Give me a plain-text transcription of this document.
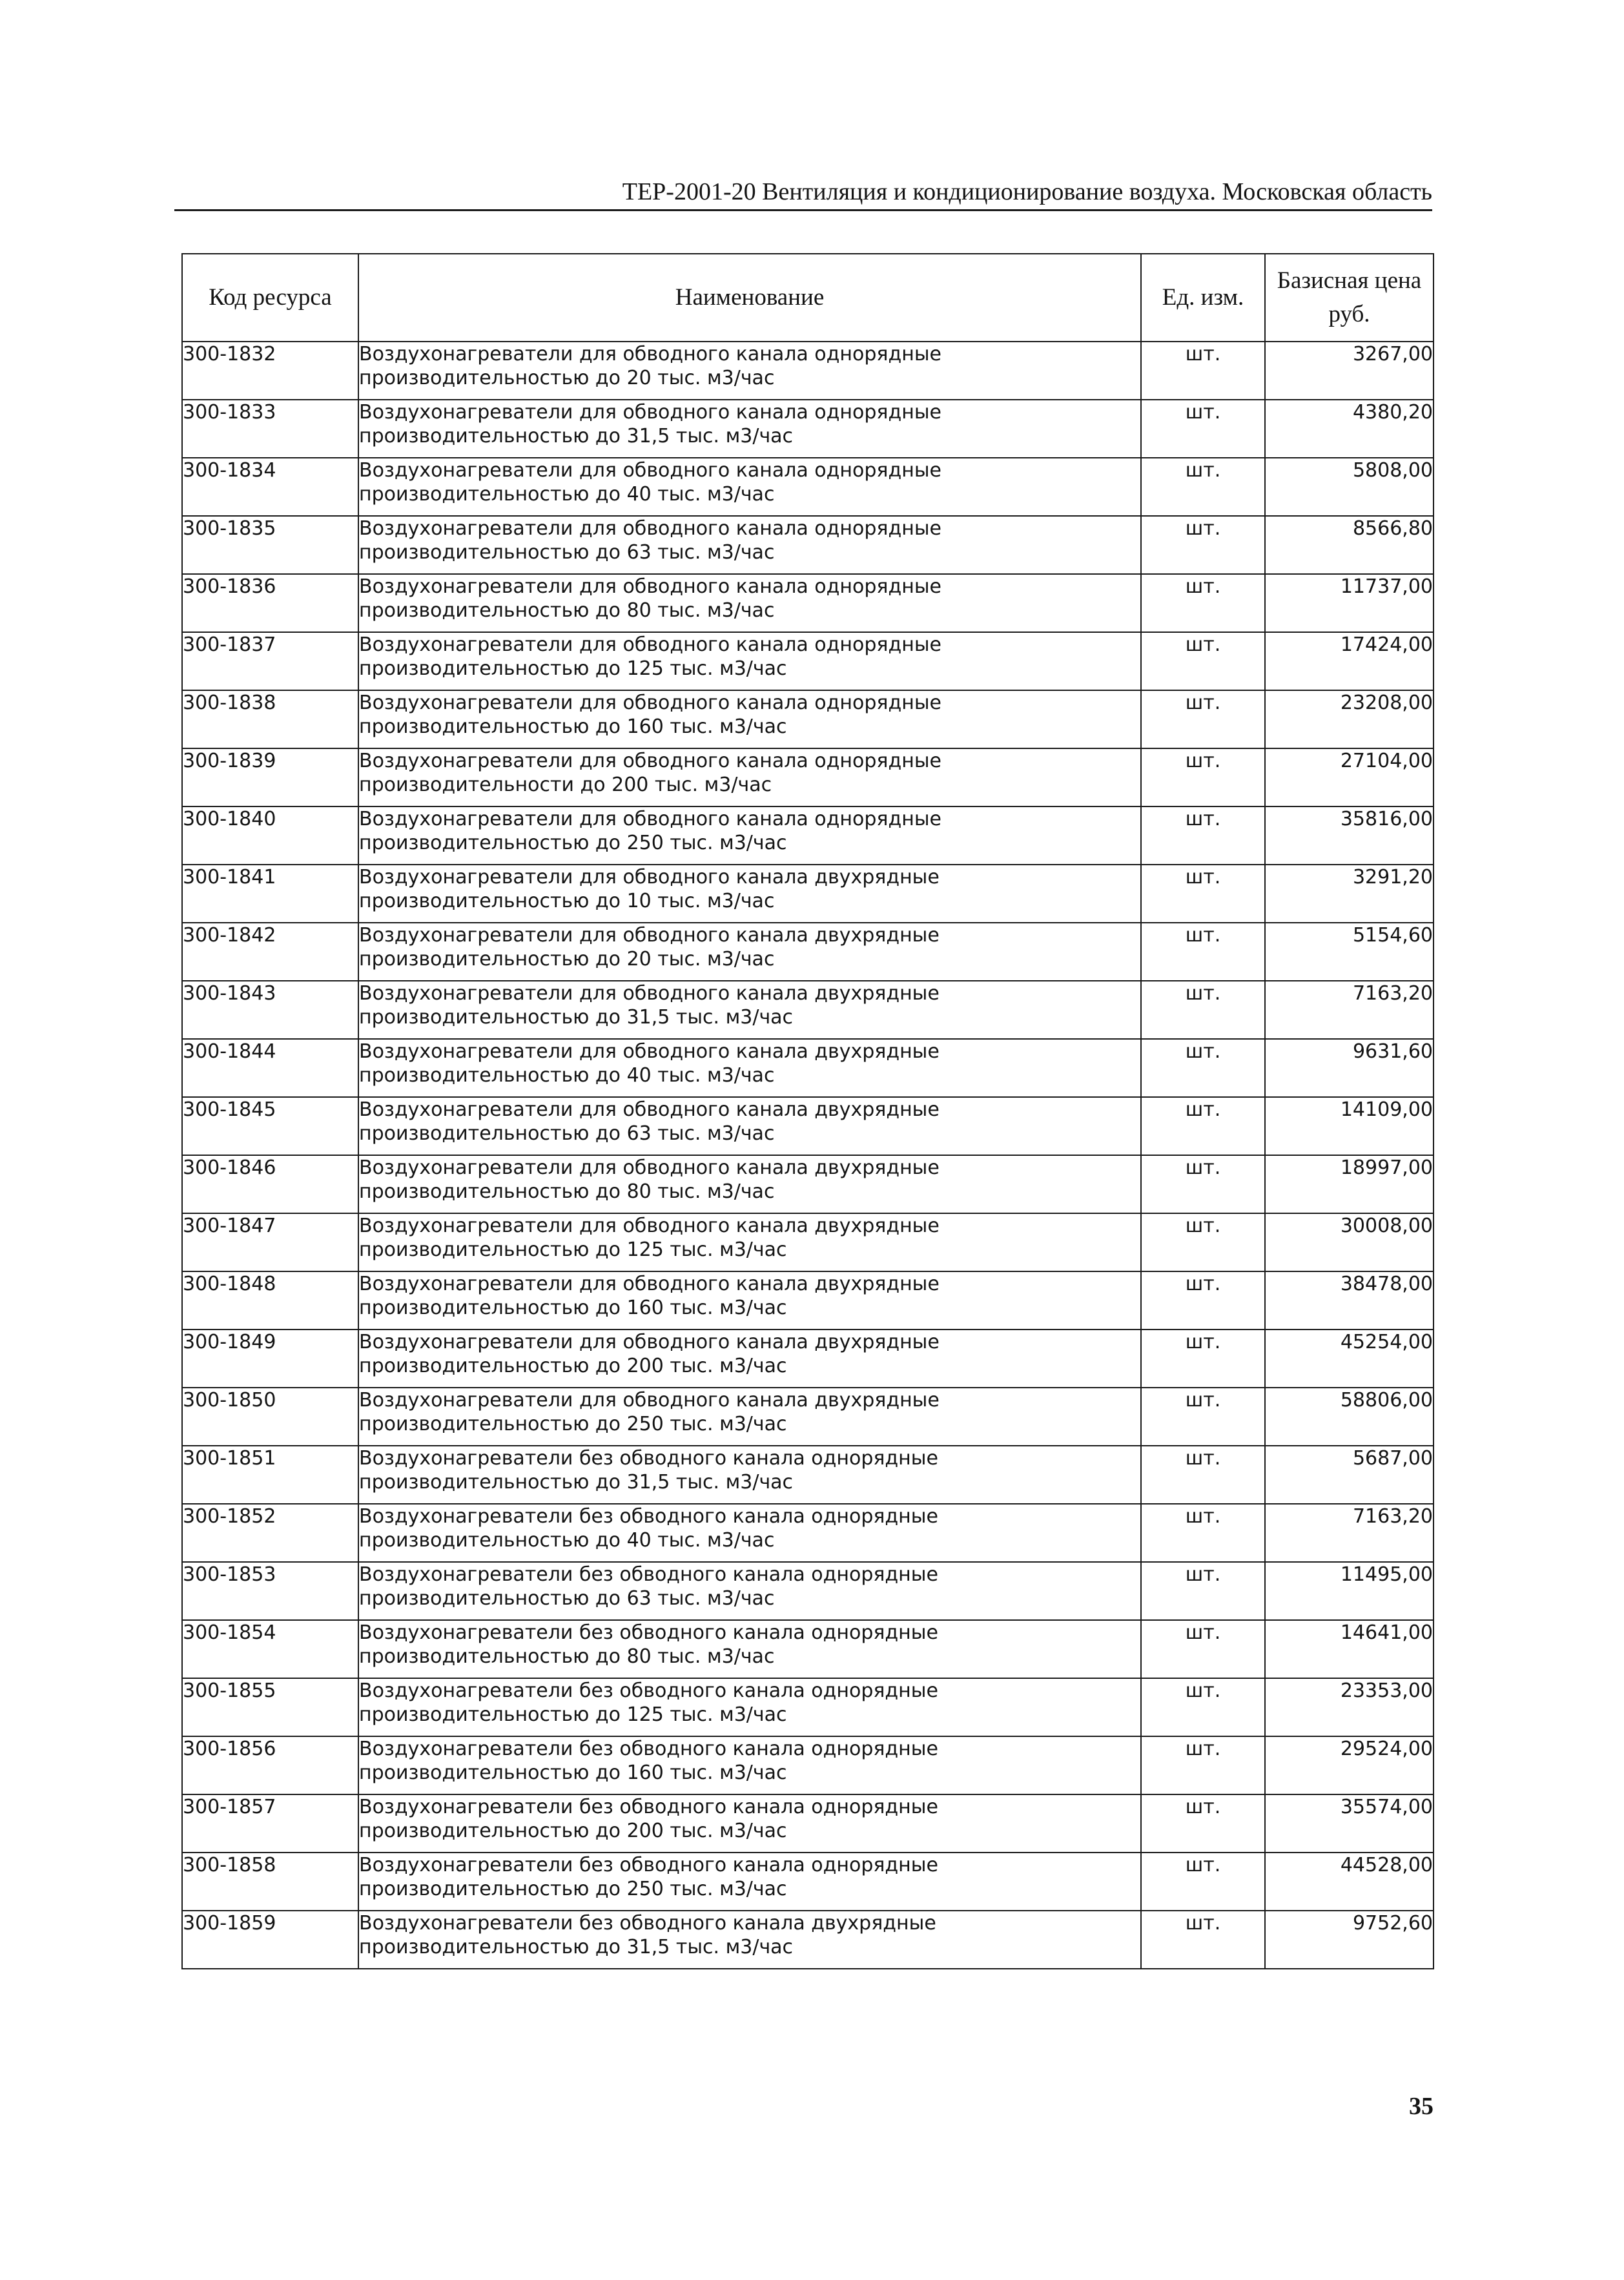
ТЕР-2001-20 Вентиляция и кондиционирование воздуха. Московская область
Код ресурса	Наименование	Ед. изм.	Базисная цена
руб.

300-1832	Воздухонагреватели для обводного канала однорядные
производительностью до 20 тыс. м3/час	шт.	3267,00
300-1833	Воздухонагреватели для обводного канала однорядные
производительностью до 31,5 тыс. м3/час	шт.	4380,20
300-1834	Воздухонагреватели для обводного канала однорядные
производительностью до 40 тыс. м3/час	шт.	5808,00
300-1835	Воздухонагреватели для обводного канала однорядные
производительностью до 63 тыс. м3/час	шт.	8566,80
300-1836	Воздухонагреватели для обводного канала однорядные
производительностью до 80 тыс. м3/час	шт.	11737,00
300-1837	Воздухонагреватели для обводного канала однорядные
производительностью до 125 тыс. м3/час	шт.	17424,00
300-1838	Воздухонагреватели для обводного канала однорядные
производительностью до 160 тыс. м3/час	шт.	23208,00
300-1839	Воздухонагреватели для обводного канала однорядные
производительности до 200 тыс. м3/час	шт.	27104,00
300-1840	Воздухонагреватели для обводного канала однорядные
производительностью до 250 тыс. м3/час	шт.	35816,00
300-1841	Воздухонагреватели для обводного канала двухрядные
производительностью до 10 тыс. м3/час	шт.	3291,20
300-1842	Воздухонагреватели для обводного канала двухрядные
производительностью до 20 тыс. м3/час	шт.	5154,60
300-1843	Воздухонагреватели для обводного канала двухрядные
производительностью до 31,5 тыс. м3/час	шт.	7163,20
300-1844	Воздухонагреватели для обводного канала двухрядные
производительностью до 40 тыс. м3/час	шт.	9631,60
300-1845	Воздухонагреватели для обводного канала двухрядные
производительностью до 63 тыс. м3/час	шт.	14109,00
300-1846	Воздухонагреватели для обводного канала двухрядные
производительностью до 80 тыс. м3/час	шт.	18997,00
300-1847	Воздухонагреватели для обводного канала двухрядные
производительностью до 125 тыс. м3/час	шт.	30008,00
300-1848	Воздухонагреватели для обводного канала двухрядные
производительностью до 160 тыс. м3/час	шт.	38478,00
300-1849	Воздухонагреватели для обводного канала двухрядные
производительностью до 200 тыс. м3/час	шт.	45254,00
300-1850	Воздухонагреватели для обводного канала двухрядные
производительностью до 250 тыс. м3/час	шт.	58806,00
300-1851	Воздухонагреватели без обводного канала однорядные
производительностью до 31,5 тыс. м3/час	шт.	5687,00
300-1852	Воздухонагреватели без обводного канала однорядные
производительностью до 40 тыс. м3/час	шт.	7163,20
300-1853	Воздухонагреватели без обводного канала однорядные
производительностью до 63 тыс. м3/час	шт.	11495,00
300-1854	Воздухонагреватели без обводного канала однорядные
производительностью до 80 тыс. м3/час	шт.	14641,00
300-1855	Воздухонагреватели без обводного канала однорядные
производительностью до 125 тыс. м3/час	шт.	23353,00
300-1856	Воздухонагреватели без обводного канала однорядные
производительностью до 160 тыс. м3/час	шт.	29524,00
300-1857	Воздухонагреватели без обводного канала однорядные
производительностью до 200 тыс. м3/час	шт.	35574,00
300-1858	Воздухонагреватели без обводного канала однорядные
производительностью до 250 тыс. м3/час	шт.	44528,00
300-1859	Воздухонагреватели без обводного канала двухрядные
производительностью до 31,5 тыс. м3/час	шт.	9752,60
35
